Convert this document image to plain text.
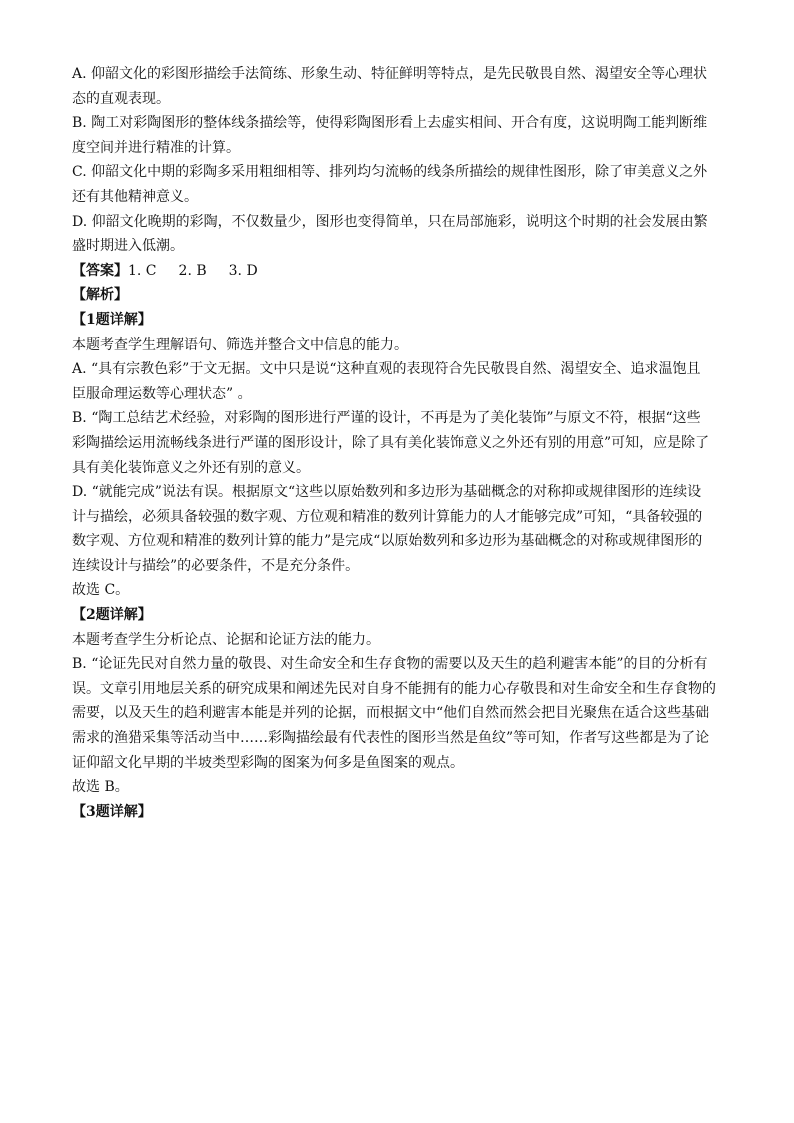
A. 仰韶文化的彩图形描绘手法简练、形象生动、特征鲜明等特点，是先民敬畏自然、渴望安全等心理状
态的直观表现。
B. 陶工对彩陶图形的整体线条描绘等，使得彩陶图形看上去虚实相间、开合有度，这说明陶工能判断维
度空间并进行精准的计算。
C. 仰韶文化中期的彩陶多采用粗细相等、排列均匀流畅的线条所描绘的规律性图形，除了审美意义之外
还有其他精神意义。
D. 仰韶文化晚期的彩陶，不仅数量少，图形也变得简单，只在局部施彩，说明这个时期的社会发展由繁
盛时期进入低潮。
【答案】1. C 2. B 3. D
【解析】
【1题详解】
本题考查学生理解语句、筛选并整合文中信息的能力。
A. “具有宗教色彩”于文无据。文中只是说“这种直观的表现符合先民敬畏自然、渴望安全、追求温饱且
臣服命理运数等心理状态” 。
B. “陶工总结艺术经验，对彩陶的图形进行严谨的设计，不再是为了美化装饰”与原文不符，根据“这些
彩陶描绘运用流畅线条进行严谨的图形设计，除了具有美化装饰意义之外还有别的用意”可知，应是除了
具有美化装饰意义之外还有别的意义。
D. “就能完成”说法有误。根据原文“这些以原始数列和多边形为基础概念的对称抑或规律图形的连续设
计与描绘，必须具备较强的数字观、方位观和精准的数列计算能力的人才能够完成”可知，“具备较强的
数字观、方位观和精准的数列计算的能力”是完成“以原始数列和多边形为基础概念的对称或规律图形的
连续设计与描绘”的必要条件，不是充分条件。
故选 C。
【2题详解】
本题考查学生分析论点、论据和论证方法的能力。
B. “论证先民对自然力量的敬畏、对生命安全和生存食物的需要以及天生的趋利避害本能”的目的分析有
误。文章引用地层关系的研究成果和阐述先民对自身不能拥有的能力心存敬畏和对生命安全和生存食物的
需要，以及天生的趋利避害本能是并列的论据，而根据文中“他们自然而然会把目光聚焦在适合这些基础
需求的渔猎采集等活动当中……彩陶描绘最有代表性的图形当然是鱼纹”等可知，作者写这些都是为了论
证仰韶文化早期的半坡类型彩陶的图案为何多是鱼图案的观点。
故选 B。
【3题详解】
